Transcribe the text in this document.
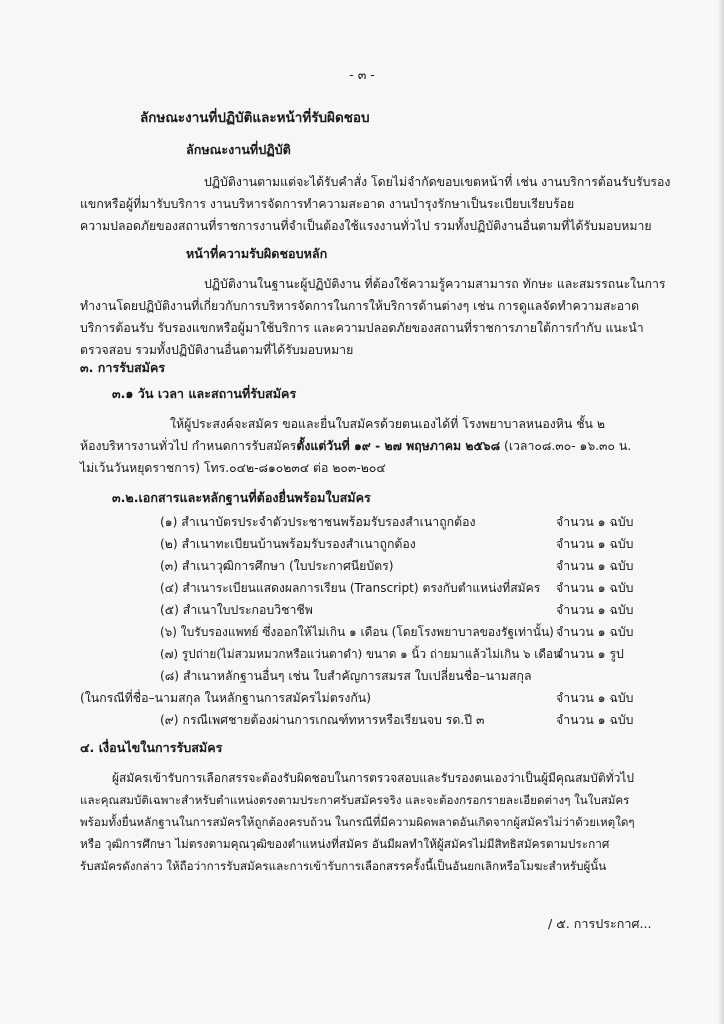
- ๓ -
ลักษณะงานที่ปฏิบัติและหน้าที่รับผิดชอบ
ลักษณะงานที่ปฏิบัติ
ปฏิบัติงานตามแต่จะได้รับคำสั่ง โดยไม่จำกัดขอบเขตหน้าที่ เช่น งานบริการต้อนรับรับรอง
แขกหรือผู้ที่มารับบริการ งานบริหารจัดการทำความสะอาด งานบำรุงรักษาเป็นระเบียบเรียบร้อย
ความปลอดภัยของสถานที่ราชการงานที่จำเป็นต้องใช้แรงงานทั่วไป รวมทั้งปฏิบัติงานอื่นตามที่ได้รับมอบหมาย
หน้าที่ความรับผิดชอบหลัก
ปฏิบัติงานในฐานะผู้ปฏิบัติงาน ที่ต้องใช้ความรู้ความสามารถ ทักษะ และสมรรถนะในการ
ทำงานโดยปฏิบัติงานที่เกี่ยวกับการบริหารจัดการในการให้บริการด้านต่างๆ เช่น การดูแลจัดทำความสะอาด
บริการต้อนรับ รับรองแขกหรือผู้มาใช้บริการ และความปลอดภัยของสถานที่ราชการภายใต้การกำกับ แนะนำ
ตรวจสอบ รวมทั้งปฏิบัติงานอื่นตามที่ได้รับมอบหมาย
๓. การรับสมัคร
๓.๑ วัน เวลา และสถานที่รับสมัคร
ให้ผู้ประสงค์จะสมัคร ขอและยื่นใบสมัครด้วยตนเองได้ที่ โรงพยาบาลหนองหิน ชั้น ๒
ห้องบริหารงานทั่วไป กำหนดการรับสมัครตั้งแต่วันที่ ๑๙ - ๒๗ พฤษภาคม ๒๕๖๘ (เวลา๐๘.๓๐- ๑๖.๓๐ น.
ไม่เว้นวันหยุดราชการ) โทร.๐๔๒-๘๑๐๒๓๔ ต่อ ๒๐๓-๒๐๔
๓.๒.เอกสารและหลักฐานที่ต้องยื่นพร้อมใบสมัคร
(๑) สำเนาบัตรประจำตัวประชาชนพร้อมรับรองสำเนาถูกต้อง	จำนวน ๑ ฉบับ
(๒) สำเนาทะเบียนบ้านพร้อมรับรองสำเนาถูกต้อง	จำนวน ๑ ฉบับ
(๓) สำเนาวุฒิการศึกษา (ใบประกาศนียบัตร)	จำนวน ๑ ฉบับ
(๔) สำเนาระเบียนแสดงผลการเรียน (Transcript) ตรงกับตำแหน่งที่สมัคร จำนวน ๑ ฉบับ
(๕) สำเนาใบประกอบวิชาชีพ	จำนวน ๑ ฉบับ
(๖) ใบรับรองแพทย์ ซึ่งออกให้ไม่เกิน ๑ เดือน (โดยโรงพยาบาลของรัฐเท่านั้น) จำนวน ๑ ฉบับ
(๗) รูปถ่าย(ไม่สวมหมวกหรือแว่นตาดำ) ขนาด ๑ นิ้ว ถ่ายมาแล้วไม่เกิน ๖ เดือน
จำนวน ๑ รูป
(๘) สำเนาหลักฐานอื่นๆ เช่น ใบสำคัญการสมรส ใบเปลี่ยนชื่อ–นามสกุล
(ในกรณีที่ชื่อ–นามสกุล ในหลักฐานการสมัครไม่ตรงกัน)	จำนวน ๑ ฉบับ
(๙) กรณีเพศชายต้องผ่านการเกณฑ์ทหารหรือเรียนจบ รด.ปี ๓	จำนวน ๑ ฉบับ
๔. เงื่อนไขในการรับสมัคร
ผู้สมัครเข้ารับการเลือกสรรจะต้องรับผิดชอบในการตรวจสอบและรับรองตนเองว่าเป็นผู้มีคุณสมบัติทั่วไป
และคุณสมบัติเฉพาะสำหรับตำแหน่งตรงตามประกาศรับสมัครจริง และจะต้องกรอกรายละเอียดต่างๆ ในใบสมัคร
พร้อมทั้งยื่นหลักฐานในการสมัครให้ถูกต้องครบถ้วน ในกรณีที่มีความผิดพลาดอันเกิดจากผู้สมัครไม่ว่าด้วยเหตุใดๆ
หรือ วุฒิการศึกษา ไม่ตรงตามคุณวุฒิของตำแหน่งที่สมัคร อันมีผลทำให้ผู้สมัครไม่มีสิทธิสมัครตามประกาศ
รับสมัครดังกล่าว ให้ถือว่าการรับสมัครและการเข้ารับการเลือกสรรครั้งนี้เป็นอันยกเลิกหรือโมฆะสำหรับผู้นั้น
/ ๕. การประกาศ...
